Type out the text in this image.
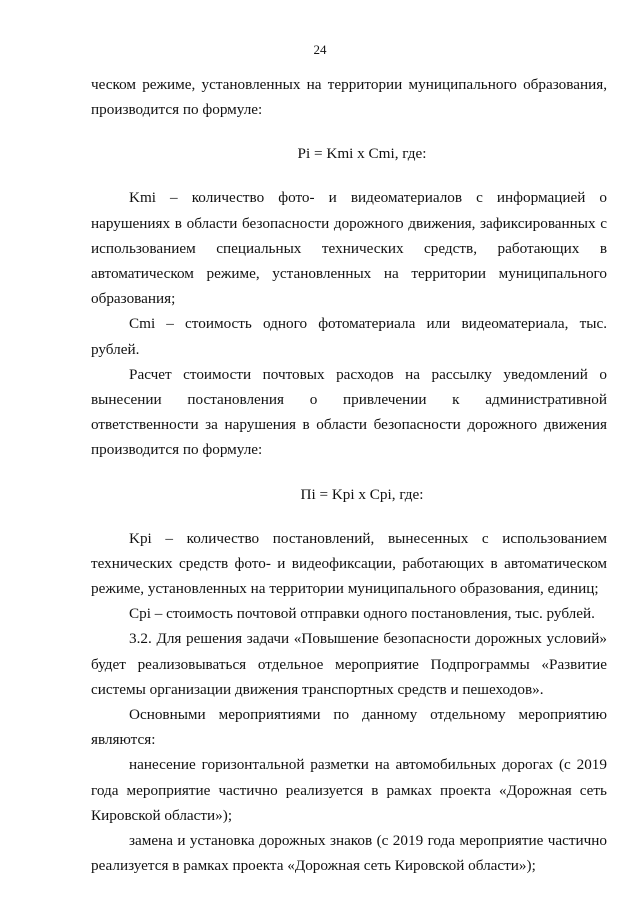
24

ческом режиме, установленных на территории муниципального образования, производится по формуле:

Pi = Kmi x Cmi, где:

Kmi – количество фото- и видеоматериалов с информацией о нарушениях в области безопасности дорожного движения, зафиксированных с использованием специальных технических средств, работающих в автоматическом режиме, установленных на территории муниципального образования;

Cmi – стоимость одного фотоматериала или видеоматериала, тыс. рублей.

Расчет стоимости почтовых расходов на рассылку уведомлений о вынесении постановления о привлечении к административной ответственности за нарушения в области безопасности дорожного движения производится по формуле:

Пi = Kpi x Cpi, где:

Kpi – количество постановлений, вынесенных с использованием технических средств фото- и видеофиксации, работающих в автоматическом режиме, установленных на территории муниципального образования, единиц;

Cpi – стоимость почтовой отправки одного постановления, тыс. рублей.

3.2. Для решения задачи «Повышение безопасности дорожных условий» будет реализовываться отдельное мероприятие Подпрограммы «Развитие системы организации движения транспортных средств и пешеходов».

Основными мероприятиями по данному отдельному мероприятию являются:

нанесение горизонтальной разметки на автомобильных дорогах (с 2019 года мероприятие частично реализуется в рамках проекта «Дорожная сеть Кировской области»);

замена и установка дорожных знаков (с 2019 года мероприятие частично реализуется в рамках проекта «Дорожная сеть Кировской области»);
